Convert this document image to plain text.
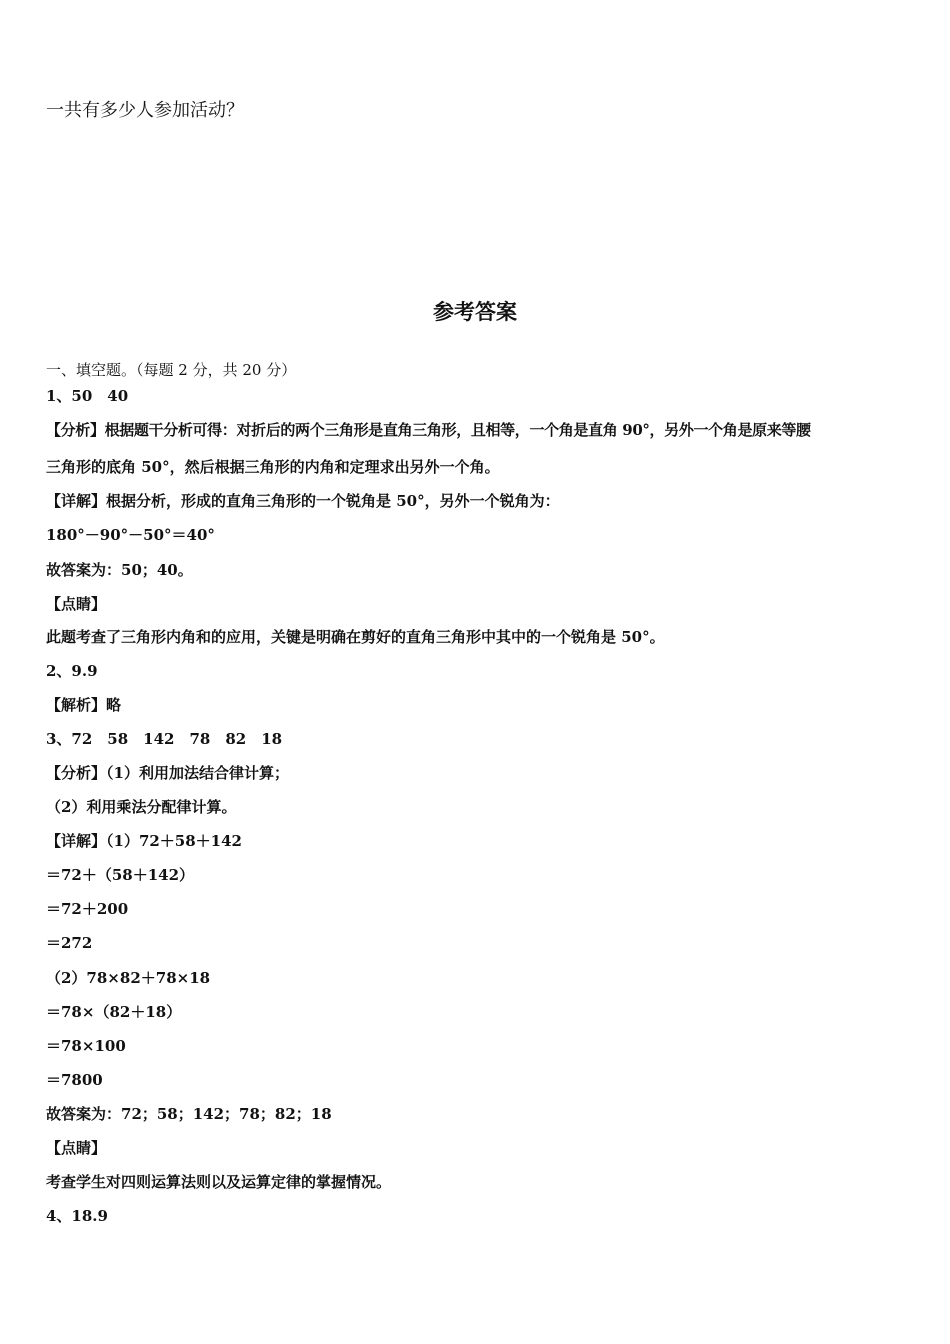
一共有多少人参加活动？
参考答案
一、填空题。（每题 2 分，共 20 分）
1、50　40
【分析】根据题干分析可得：对折后的两个三角形是直角三角形，且相等，一个角是直角 90°，另外一个角是原来等腰
三角形的底角 50°，然后根据三角形的内角和定理求出另外一个角。
【详解】根据分析，形成的直角三角形的一个锐角是 50°，另外一个锐角为：
180°－90°－50°＝40°
故答案为：50；40。
【点睛】
此题考查了三角形内角和的应用，关键是明确在剪好的直角三角形中其中的一个锐角是 50°。
2、9.9
【解析】略
3、72　58　142　78　82　18
【分析】（1）利用加法结合律计算；
（2）利用乘法分配律计算。
【详解】（1）72＋58＋142
＝72＋（58＋142）
＝72＋200
＝272
（2）78×82＋78×18
＝78×（82＋18）
＝78×100
＝7800
故答案为：72；58；142；78；82；18
【点睛】
考查学生对四则运算法则以及运算定律的掌握情况。
4、18.9
